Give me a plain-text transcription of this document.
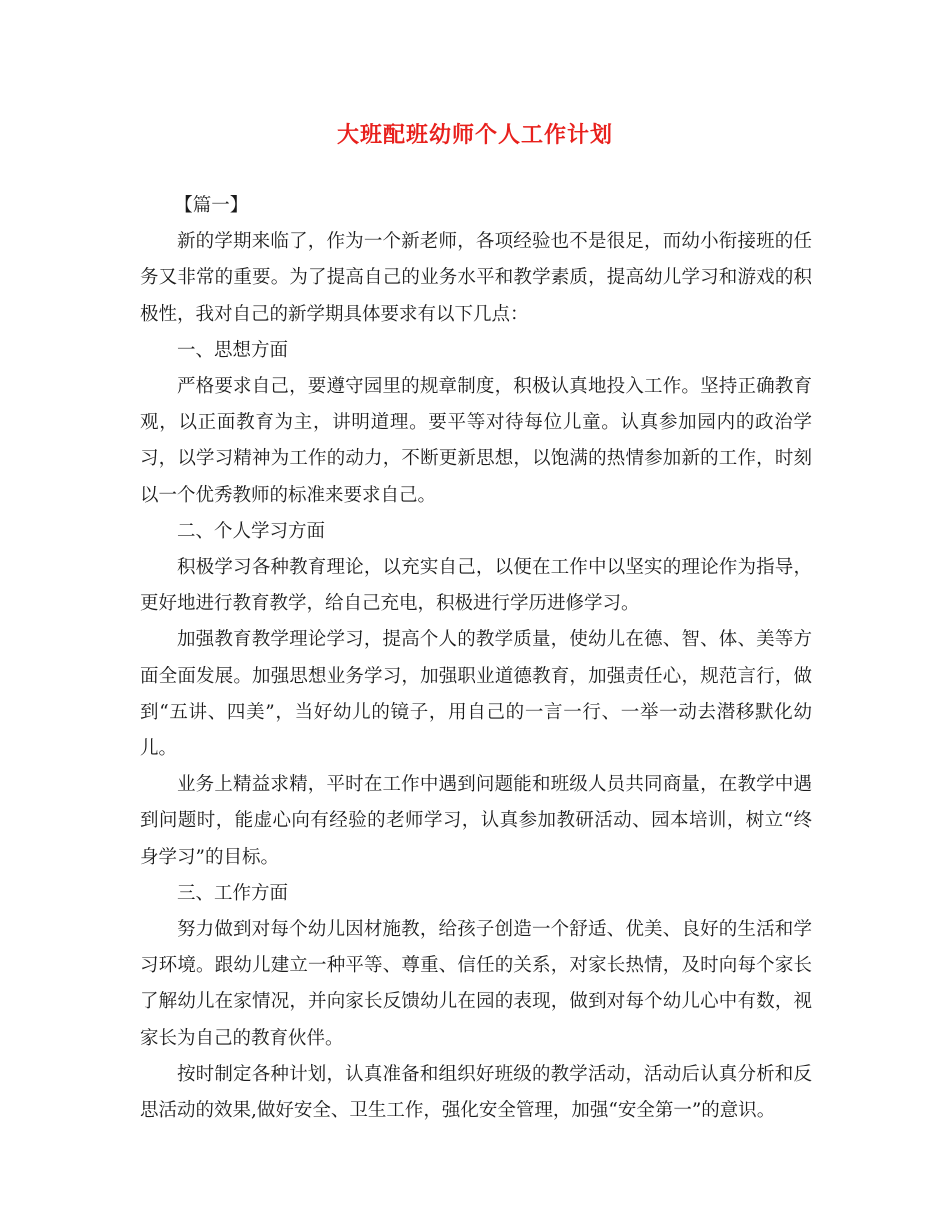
大班配班幼师个人工作计划

【篇一】

新的学期来临了，作为一个新老师，各项经验也不是很足，而幼小衔接班的任务又非常的重要。为了提高自己的业务水平和教学素质，提高幼儿学习和游戏的积极性，我对自己的新学期具体要求有以下几点：

一、思想方面

严格要求自己，要遵守园里的规章制度，积极认真地投入工作。坚持正确教育观，以正面教育为主，讲明道理。要平等对待每位儿童。认真参加园内的政治学习，以学习精神为工作的动力，不断更新思想，以饱满的热情参加新的工作，时刻以一个优秀教师的标准来要求自己。

二、个人学习方面

积极学习各种教育理论，以充实自己，以便在工作中以坚实的理论作为指导，更好地进行教育教学，给自己充电，积极进行学历进修学习。

加强教育教学理论学习，提高个人的教学质量，使幼儿在德、智、体、美等方面全面发展。加强思想业务学习，加强职业道德教育，加强责任心，规范言行，做到“五讲、四美”，当好幼儿的镜子，用自己的一言一行、一举一动去潜移默化幼儿。

业务上精益求精，平时在工作中遇到问题能和班级人员共同商量，在教学中遇到问题时，能虚心向有经验的老师学习，认真参加教研活动、园本培训，树立“终身学习”的目标。

三、工作方面

努力做到对每个幼儿因材施教，给孩子创造一个舒适、优美、良好的生活和学习环境。跟幼儿建立一种平等、尊重、信任的关系，对家长热情，及时向每个家长了解幼儿在家情况，并向家长反馈幼儿在园的表现，做到对每个幼儿心中有数，视家长为自己的教育伙伴。

按时制定各种计划，认真准备和组织好班级的教学活动，活动后认真分析和反思活动的效果,做好安全、卫生工作，强化安全管理，加强“安全第一”的意识。
